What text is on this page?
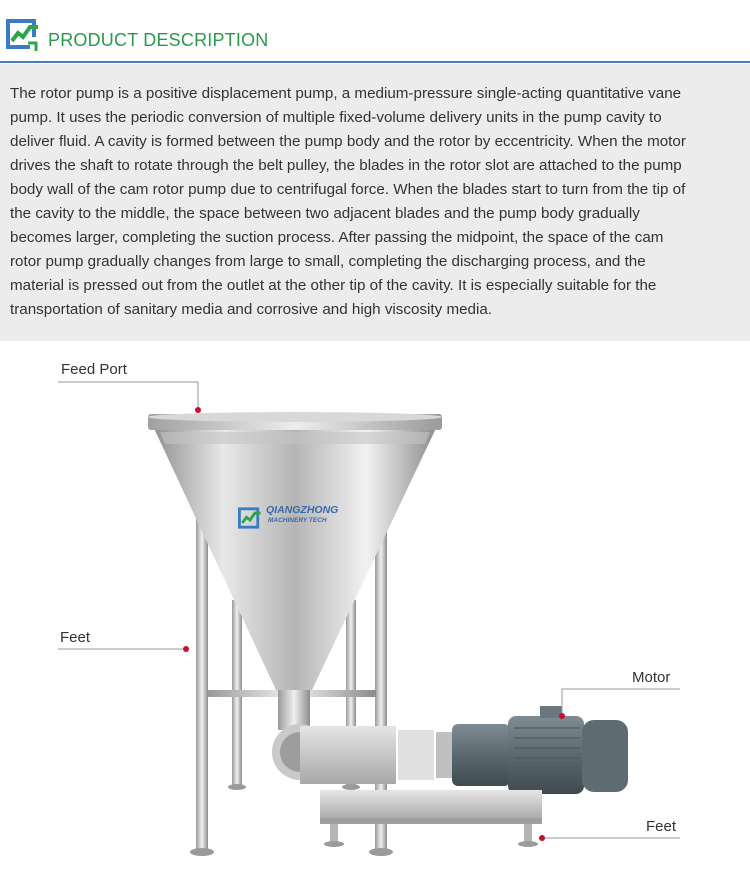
PRODUCT DESCRIPTION
The rotor pump is a positive displacement pump, a medium-pressure single-acting quantitative vane
pump. It uses the periodic conversion of multiple fixed-volume delivery units in the pump cavity to
deliver fluid. A cavity is formed between the pump body and the rotor by eccentricity. When the motor
drives the shaft to rotate through the belt pulley, the blades in the rotor slot are attached to the pump
body wall of the cam rotor pump due to centrifugal force. When the blades start to turn from the tip of
the cavity to the middle, the space between two adjacent blades and the pump body gradually
becomes larger, completing the suction process. After passing the midpoint, the space of the cam
rotor pump gradually changes from large to small, completing the discharging process, and the
material is pressed out from the outlet at the other tip of the cavity. It is especially suitable for the
transportation of sanitary media and corrosive and high viscosity media.
QIANGZHONG
MACHINERY TECH
Feed Port
Feet
Motor
Feet
